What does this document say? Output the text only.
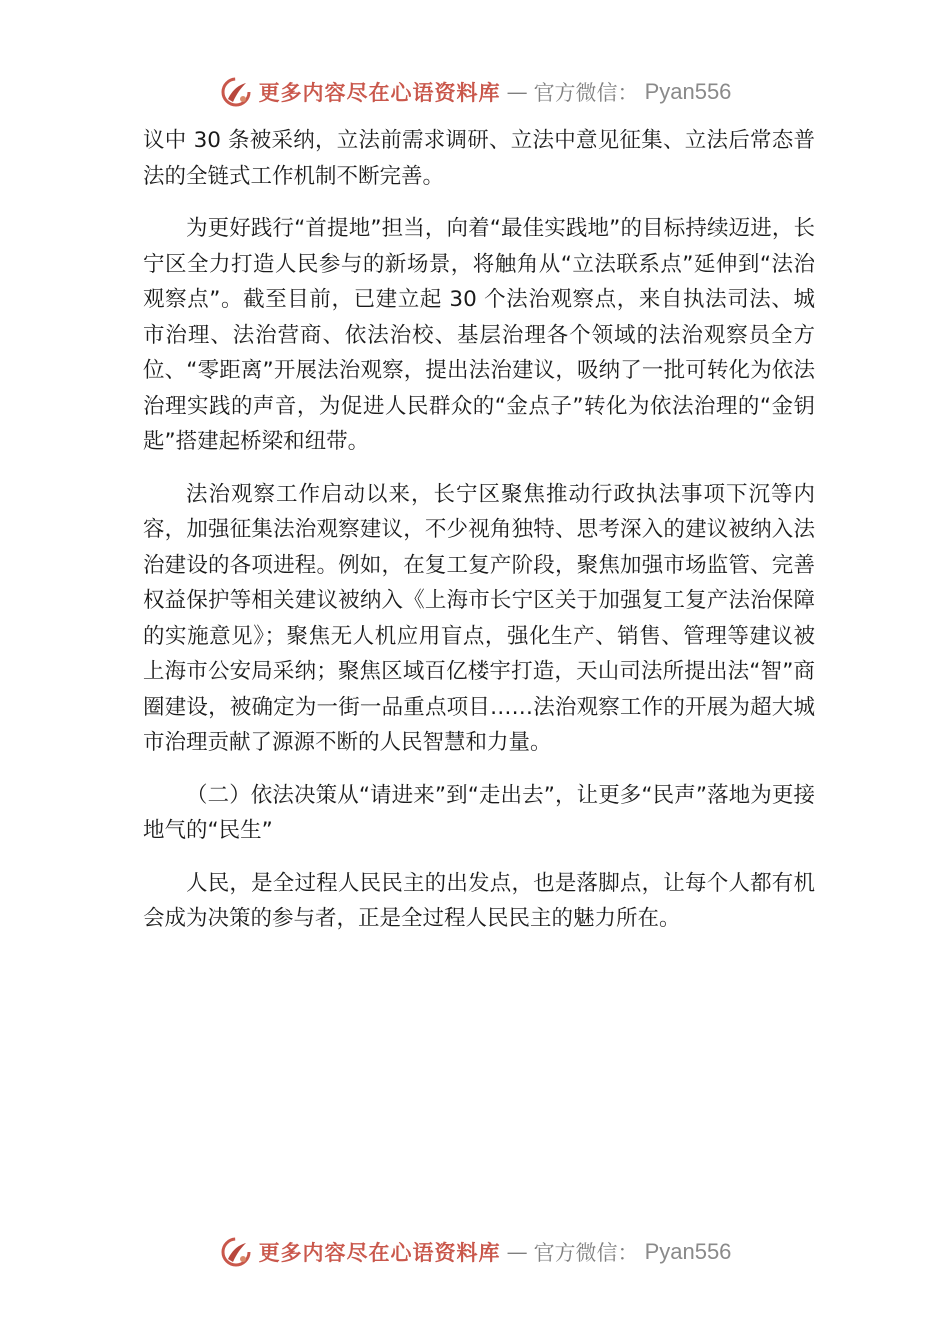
更多内容尽在心语资料库 — 官方微信： Pyan556

议中 30 条被采纳，立法前需求调研、立法中意见征集、立法后常态普法的全链式工作机制不断完善。

为更好践行“首提地”担当，向着“最佳实践地”的目标持续迈进，长宁区全力打造人民参与的新场景，将触角从“立法联系点”延伸到“法治观察点”。截至目前，已建立起 30 个法治观察点，来自执法司法、城市治理、法治营商、依法治校、基层治理各个领域的法治观察员全方位、“零距离”开展法治观察，提出法治建议，吸纳了一批可转化为依法治理实践的声音，为促进人民群众的“金点子”转化为依法治理的“金钥匙”搭建起桥梁和纽带。

法治观察工作启动以来，长宁区聚焦推动行政执法事项下沉等内容，加强征集法治观察建议，不少视角独特、思考深入的建议被纳入法治建设的各项进程。例如，在复工复产阶段，聚焦加强市场监管、完善权益保护等相关建议被纳入《上海市长宁区关于加强复工复产法治保障的实施意见》；聚焦无人机应用盲点，强化生产、销售、管理等建议被上海市公安局采纳；聚焦区域百亿楼宇打造，天山司法所提出法“智”商圈建设，被确定为一街一品重点项目……法治观察工作的开展为超大城市治理贡献了源源不断的人民智慧和力量。

（二）依法决策从“请进来”到“走出去”，让更多“民声”落地为更接地气的“民生”

人民，是全过程人民民主的出发点，也是落脚点，让每个人都有机会成为决策的参与者，正是全过程人民民主的魅力所在。

更多内容尽在心语资料库 — 官方微信： Pyan556
